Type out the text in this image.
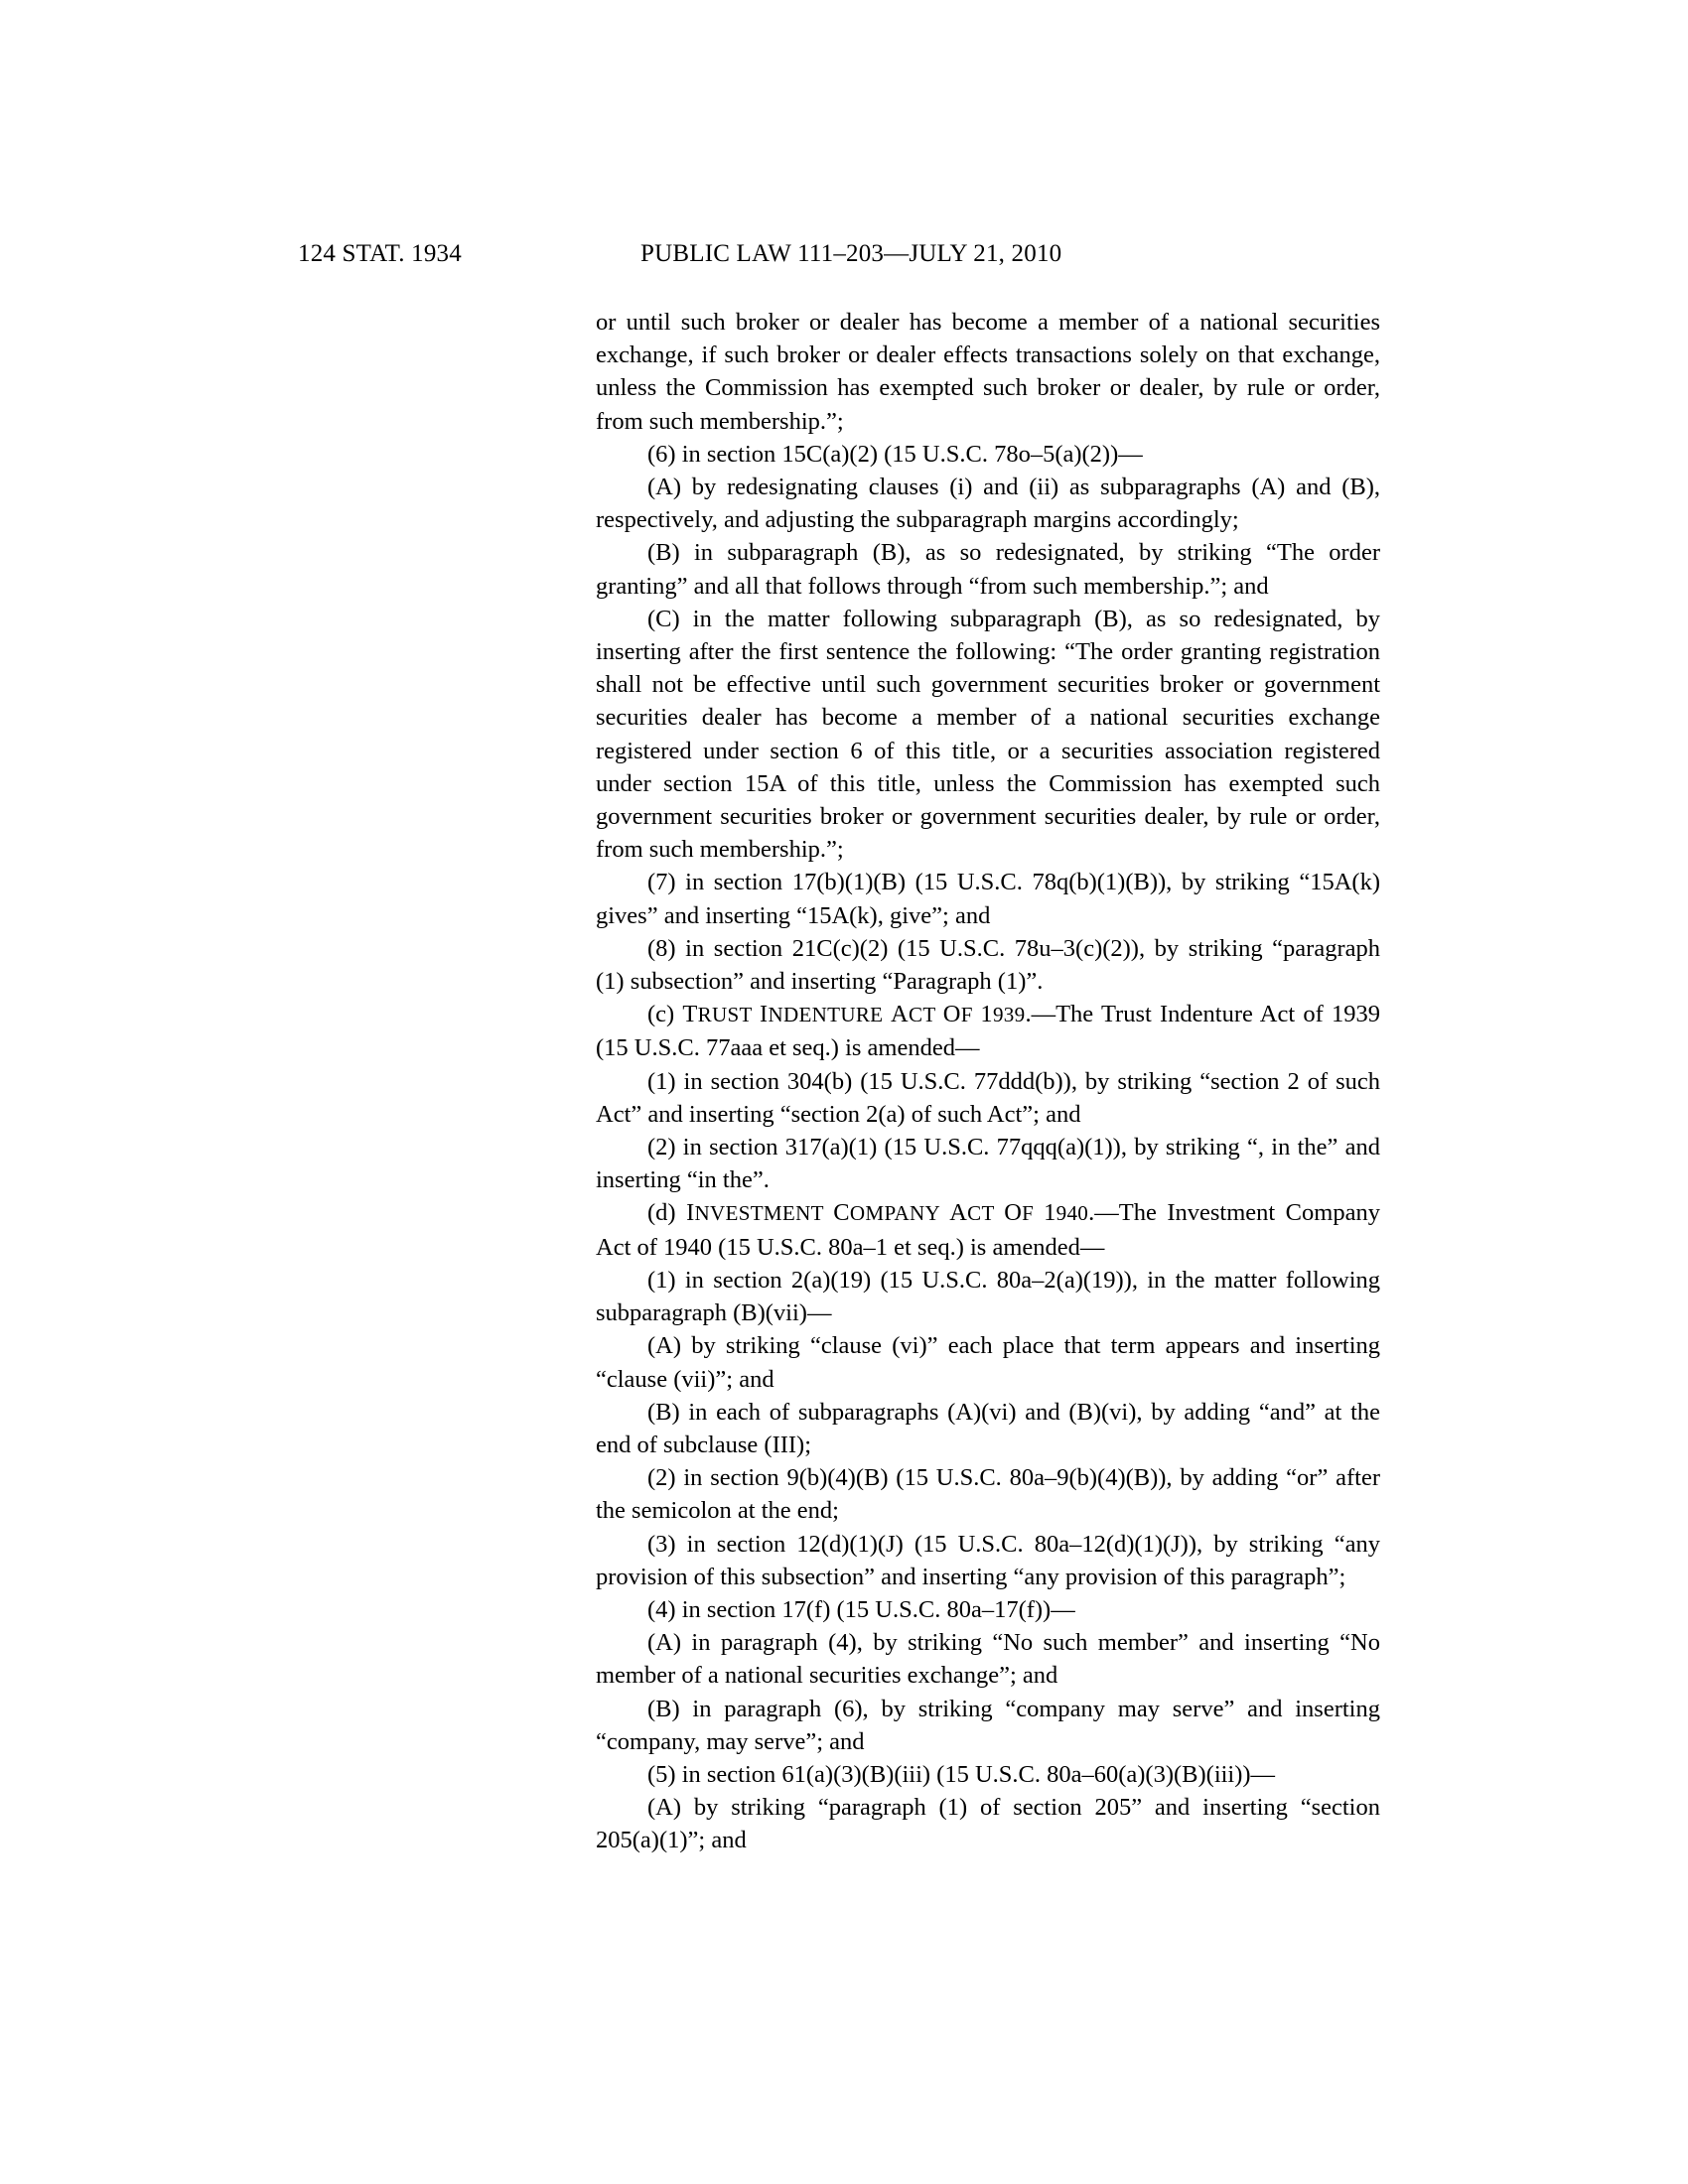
124 STAT. 1934	PUBLIC LAW 111–203—JULY 21, 2010

or until such broker or dealer has become a member of a national securities exchange, if such broker or dealer effects transactions solely on that exchange, unless the Commission has exempted such broker or dealer, by rule or order, from such membership.”;

(6) in section 15C(a)(2) (15 U.S.C. 78o–5(a)(2))—

(A) by redesignating clauses (i) and (ii) as subparagraphs (A) and (B), respectively, and adjusting the subparagraph margins accordingly;

(B) in subparagraph (B), as so redesignated, by striking “The order granting” and all that follows through “from such membership.”; and

(C) in the matter following subparagraph (B), as so redesignated, by inserting after the first sentence the following: “The order granting registration shall not be effective until such government securities broker or government securities dealer has become a member of a national securities exchange registered under section 6 of this title, or a securities association registered under section 15A of this title, unless the Commission has exempted such government securities broker or government securities dealer, by rule or order, from such membership.”;

(7) in section 17(b)(1)(B) (15 U.S.C. 78q(b)(1)(B)), by striking “15A(k) gives” and inserting “15A(k), give”; and

(8) in section 21C(c)(2) (15 U.S.C. 78u–3(c)(2)), by striking “paragraph (1) subsection” and inserting “Paragraph (1)”.

(c) TRUST INDENTURE ACT OF 1939.—The Trust Indenture Act of 1939 (15 U.S.C. 77aaa et seq.) is amended—

(1) in section 304(b) (15 U.S.C. 77ddd(b)), by striking “section 2 of such Act” and inserting “section 2(a) of such Act”; and

(2) in section 317(a)(1) (15 U.S.C. 77qqq(a)(1)), by striking “, in the” and inserting “in the”.

(d) INVESTMENT COMPANY ACT OF 1940.—The Investment Company Act of 1940 (15 U.S.C. 80a–1 et seq.) is amended—

(1) in section 2(a)(19) (15 U.S.C. 80a–2(a)(19)), in the matter following subparagraph (B)(vii)—

(A) by striking “clause (vi)” each place that term appears and inserting “clause (vii)”; and

(B) in each of subparagraphs (A)(vi) and (B)(vi), by adding “and” at the end of subclause (III);

(2) in section 9(b)(4)(B) (15 U.S.C. 80a–9(b)(4)(B)), by adding “or” after the semicolon at the end;

(3) in section 12(d)(1)(J) (15 U.S.C. 80a–12(d)(1)(J)), by striking “any provision of this subsection” and inserting “any provision of this paragraph”;

(4) in section 17(f) (15 U.S.C. 80a–17(f))—

(A) in paragraph (4), by striking “No such member” and inserting “No member of a national securities exchange”; and

(B) in paragraph (6), by striking “company may serve” and inserting “company, may serve”; and

(5) in section 61(a)(3)(B)(iii) (15 U.S.C. 80a–60(a)(3)(B)(iii))—

(A) by striking “paragraph (1) of section 205” and inserting “section 205(a)(1)”; and
